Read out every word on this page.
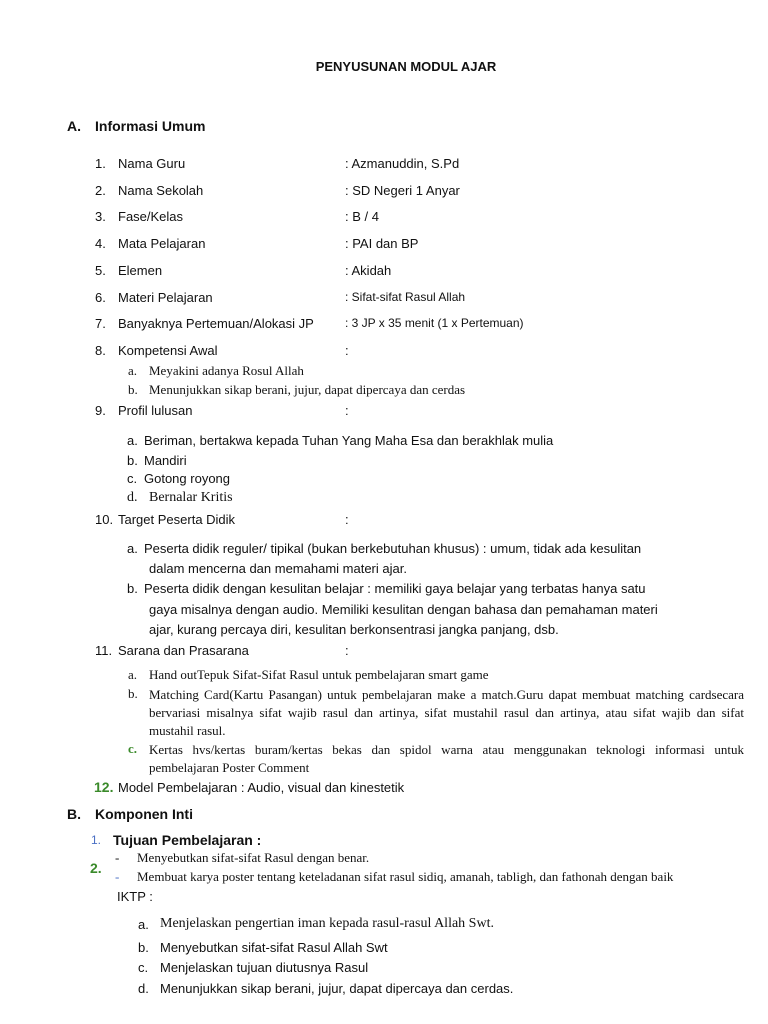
PENYUSUNAN MODUL AJAR
A. Informasi Umum
1. Nama Guru	: Azmanuddin, S.Pd
2. Nama Sekolah	: SD Negeri 1 Anyar
3. Fase/Kelas	: B / 4
4. Mata Pelajaran	: PAI dan BP
5. Elemen	: Akidah
6. Materi Pelajaran	: Sifat-sifat Rasul Allah
7. Banyaknya Pertemuan/Alokasi JP	: 3 JP x 35 menit (1 x Pertemuan)
8. Kompetensi Awal	:
a. Meyakini adanya Rosul Allah
b. Menunjukkan sikap berani, jujur, dapat dipercaya dan cerdas
9. Profil lulusan	:
a. Beriman, bertakwa kepada Tuhan Yang Maha Esa dan berakhlak mulia
b. Mandiri
c. Gotong royong
d. Bernalar Kritis
10. Target Peserta Didik	:
a. Peserta didik reguler/ tipikal (bukan berkebutuhan khusus) : umum, tidak ada kesulitan
dalam mencerna dan memahami materi ajar.
b. Peserta didik dengan kesulitan belajar : memiliki gaya belajar yang terbatas hanya satu
gaya misalnya dengan audio. Memiliki kesulitan dengan bahasa dan pemahaman materi
ajar, kurang percaya diri, kesulitan berkonsentrasi jangka panjang, dsb.
11. Sarana dan Prasarana	:
a. Hand outTepuk Sifat-Sifat Rasul untuk pembelajaran smart game
b. Matching Card(Kartu Pasangan) untuk pembelajaran make a match.Guru dapat membuat matching cardsecara bervariasi misalnya sifat wajib rasul dan artinya, sifat mustahil rasul dan artinya, atau sifat wajib dan sifat mustahil rasul.
c. Kertas hvs/kertas buram/kertas bekas dan spidol warna atau menggunakan teknologi informasi untuk pembelajaran Poster Comment
12. Model Pembelajaran : Audio, visual dan kinestetik
B. Komponen Inti
1. Tujuan Pembelajaran :
- Menyebutkan sifat-sifat Rasul dengan benar.
- Membuat karya poster tentang keteladanan sifat rasul sidiq, amanah, tabligh, dan fathonah dengan baik
2.
IKTP :
a. Menjelaskan pengertian iman kepada rasul-rasul Allah Swt.
b. Menyebutkan sifat-sifat Rasul Allah Swt
c. Menjelaskan tujuan diutusnya Rasul
d. Menunjukkan sikap berani, jujur, dapat dipercaya dan cerdas.
